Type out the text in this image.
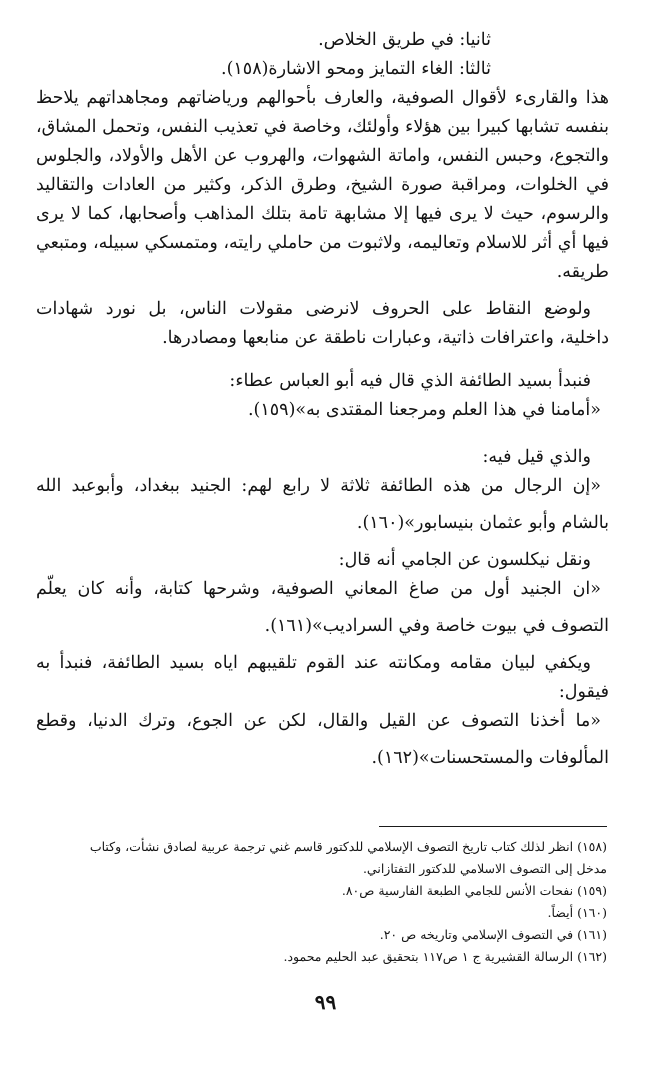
ثانيا: في طريق الخلاص.
ثالثا: الغاء التمايز ومحو الاشارة(١٥٨).
هذا والقارىء لأقوال الصوفية، والعارف بأحوالهم ورياضاتهم ومجاهداتهم يلاحظ
بنفسه تشابها كبيرا بين هؤلاء وأولئك، وخاصة في تعذيب النفس، وتحمل المشاق،
والتجوع، وحبس النفس، واماتة الشهوات، والهروب عن الأهل والأولاد، والجلوس
في الخلوات، ومراقبة صورة الشيخ، وطرق الذكر، وكثير من العادات والتقاليد
والرسوم، حيث لا يرى فيها إلا مشابهة تامة بتلك المذاهب وأصحابها، كما لا يرى
فيها أي أثر للاسلام وتعاليمه، ولاثبوت من حاملي رايته، ومتمسكي سبيله، ومتبعي
طريقه.
ولوضع النقاط على الحروف لانرضى مقولات الناس، بل نورد شهادات
داخلية، واعترافات ذاتية، وعبارات ناطقة عن منابعها ومصادرها.
فنبدأ بسيد الطائفة الذي قال فيه أبو العباس عطاء:
«أمامنا في هذا العلم ومرجعنا المقتدى به»(١٥٩).
والذي قيل فيه:
«إن الرجال من هذه الطائفة ثلاثة لا رابع لهم: الجنيد ببغداد، وأبوعبد الله
بالشام وأبو عثمان بنيسابور»(١٦٠).
ونقل نيكلسون عن الجامي أنه قال:
«ان الجنيد أول من صاغ المعاني الصوفية، وشرحها كتابة، وأنه كان يعلّم
التصوف في بيوت خاصة وفي السراديب»(١٦١).
ويكفي لبيان مقامه ومكانته عند القوم تلقيبهم اياه بسيد الطائفة، فنبدأ به
فيقول:
«ما أخذنا التصوف عن القيل والقال، لكن عن الجوع، وترك الدنيا، وقطع
المألوفات والمستحسنات»(١٦٢).
(١٥٨) انظر لذلك كتاب تاريخ التصوف الإسلامي للدكتور قاسم غني ترجمة عربية لصادق نشأت، وكتاب
مدخل إلى التصوف الاسلامي للدكتور التفتازاني.
(١٥٩) نفحات الأنس للجامي الطبعة الفارسية ص٨٠.
(١٦٠) أيضاً.
(١٦١) في التصوف الإسلامي وتاريخه ص ٢٠.
(١٦٢) الرسالة القشيرية ج ١ ص١١٧ بتحقيق عبد الحليم محمود.
٩٩
